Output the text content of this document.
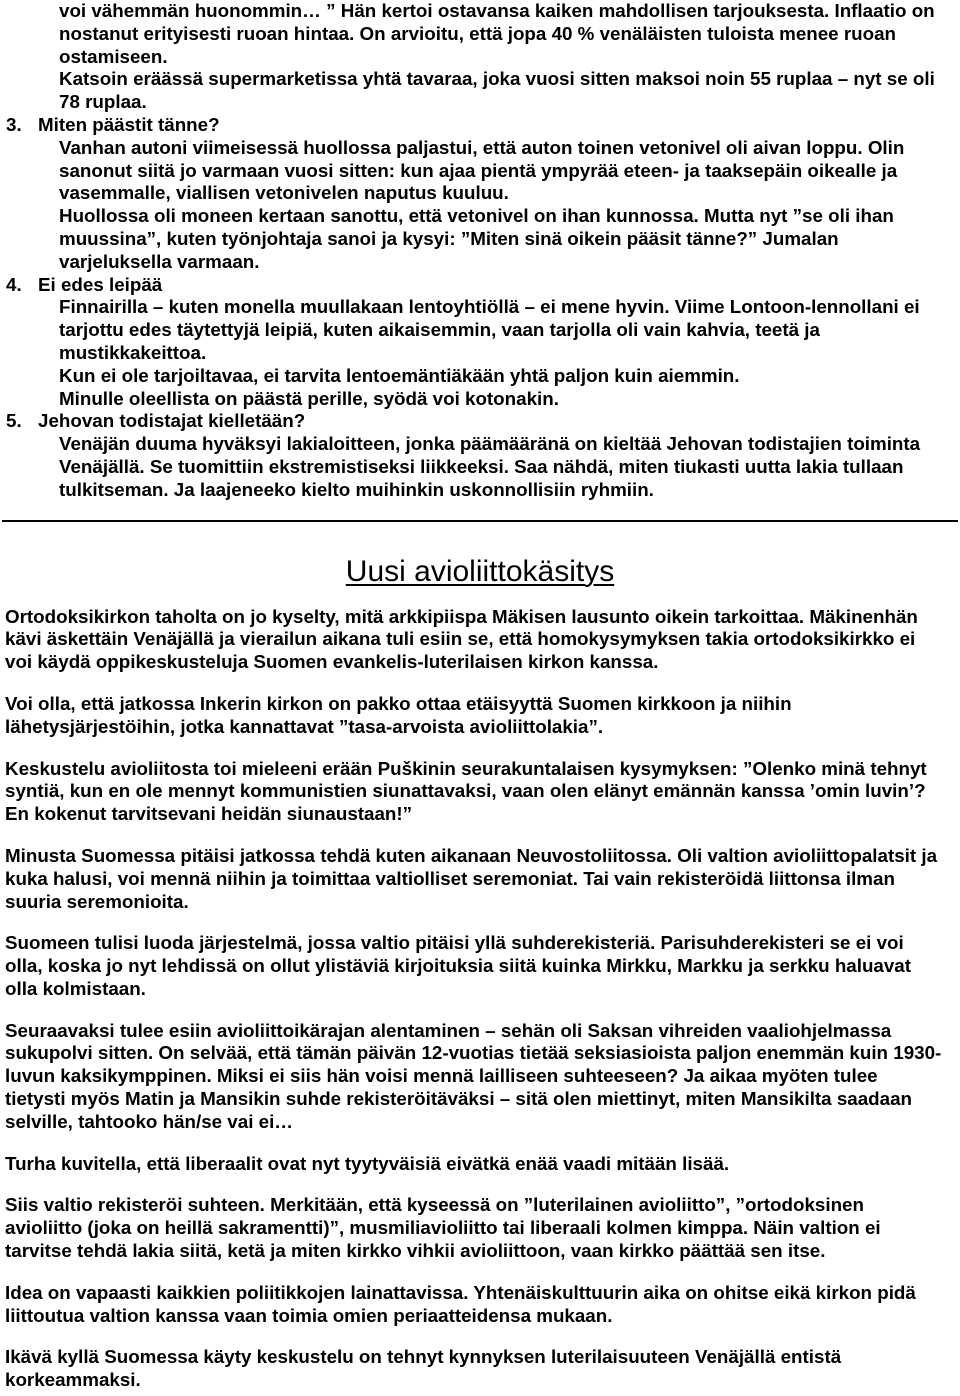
voi vähemmän huonommin… ” Hän kertoi ostavansa kaiken mahdollisen tarjouksesta. Inflaatio on
nostanut erityisesti ruoan hintaa. On arvioitu, että jopa 40 % venäläisten tuloista menee ruoan
ostamiseen.
Katsoin eräässä supermarketissa yhtä tavaraa, joka vuosi sitten maksoi noin 55 ruplaa – nyt se oli
78 ruplaa.
3. Miten päästit tänne?
Vanhan autoni viimeisessä huollossa paljastui, että auton toinen vetonivel oli aivan loppu. Olin
sanonut siitä jo varmaan vuosi sitten: kun ajaa pientä ympyrää eteen- ja taaksepäin oikealle ja
vasemmalle, viallisen vetonivelen naputus kuuluu.
Huollossa oli moneen kertaan sanottu, että vetonivel on ihan kunnossa. Mutta nyt ”se oli ihan
muussina”, kuten työnjohtaja sanoi ja kysyi: ”Miten sinä oikein pääsit tänne?” Jumalan
varjeluksella varmaan.
4. Ei edes leipää
Finnairilla – kuten monella muullakaan lentoyhtiöllä – ei mene hyvin. Viime Lontoon-lennollani ei
tarjottu edes täytettyjä leipiä, kuten aikaisemmin, vaan tarjolla oli vain kahvia, teetä ja
mustikkakeittoa.
Kun ei ole tarjoiltavaa, ei tarvita lentoemäntiäkään yhtä paljon kuin aiemmin.
Minulle oleellista on päästä perille, syödä voi kotonakin.
5. Jehovan todistajat kielletään?
Venäjän duuma hyväksyi lakialoitteen, jonka päämääränä on kieltää Jehovan todistajien toiminta
Venäjällä. Se tuomittiin ekstremistiseksi liikkeeksi. Saa nähdä, miten tiukasti uutta lakia tullaan
tulkitseman. Ja laajeneeko kielto muihinkin uskonnollisiin ryhmiin.
Uusi avioliittokäsitys

Ortodoksikirkon taholta on jo kyselty, mitä arkkipiispa Mäkisen lausunto oikein tarkoittaa. Mäkinenhän
kävi äskettäin Venäjällä ja vierailun aikana tuli esiin se, että homokysymyksen takia ortodoksikirkko ei
voi käydä oppikeskusteluja Suomen evankelis-luterilaisen kirkon kanssa.

Voi olla, että jatkossa Inkerin kirkon on pakko ottaa etäisyyttä Suomen kirkkoon ja niihin
lähetysjärjestöihin, jotka kannattavat ”tasa-arvoista avioliittolakia”.

Keskustelu avioliitosta toi mieleeni erään Puškinin seurakuntalaisen kysymyksen: ”Olenko minä tehnyt
syntiä, kun en ole mennyt kommunistien siunattavaksi, vaan olen elänyt emännän kanssa ’omin luvin’?
En kokenut tarvitsevani heidän siunaustaan!”

Minusta Suomessa pitäisi jatkossa tehdä kuten aikanaan Neuvostoliitossa. Oli valtion avioliittopalatsit ja
kuka halusi, voi mennä niihin ja toimittaa valtiolliset seremoniat. Tai vain rekisteröidä liittonsa ilman
suuria seremonioita.

Suomeen tulisi luoda järjestelmä, jossa valtio pitäisi yllä suhderekisteriä. Parisuhderekisteri se ei voi
olla, koska jo nyt lehdissä on ollut ylistäviä kirjoituksia siitä kuinka Mirkku, Markku ja serkku haluavat
olla kolmistaan.

Seuraavaksi tulee esiin avioliittoikärajan alentaminen – sehän oli Saksan vihreiden vaaliohjelmassa
sukupolvi sitten. On selvää, että tämän päivän 12-vuotias tietää seksiasioista paljon enemmän kuin 1930-
luvun kaksikymppinen. Miksi ei siis hän voisi mennä lailliseen suhteeseen? Ja aikaa myöten tulee
tietysti myös Matin ja Mansikin suhde rekisteröitäväksi – sitä olen miettinyt, miten Mansikilta saadaan
selville, tahtooko hän/se vai ei…

Turha kuvitella, että liberaalit ovat nyt tyytyväisiä eivätkä enää vaadi mitään lisää.

Siis valtio rekisteröi suhteen. Merkitään, että kyseessä on ”luterilainen avioliitto”, ”ortodoksinen
avioliitto (joka on heillä sakramentti)”, musmiliavioliitto tai liberaali kolmen kimppa. Näin valtion ei
tarvitse tehdä lakia siitä, ketä ja miten kirkko vihkii avioliittoon, vaan kirkko päättää sen itse.

Idea on vapaasti kaikkien poliitikkojen lainattavissa. Yhtenäiskulttuurin aika on ohitse eikä kirkon pidä
liittoutua valtion kanssa vaan toimia omien periaatteidensa mukaan.

Ikävä kyllä Suomessa käyty keskustelu on tehnyt kynnyksen luterilaisuuteen Venäjällä entistä
korkeammaksi.
